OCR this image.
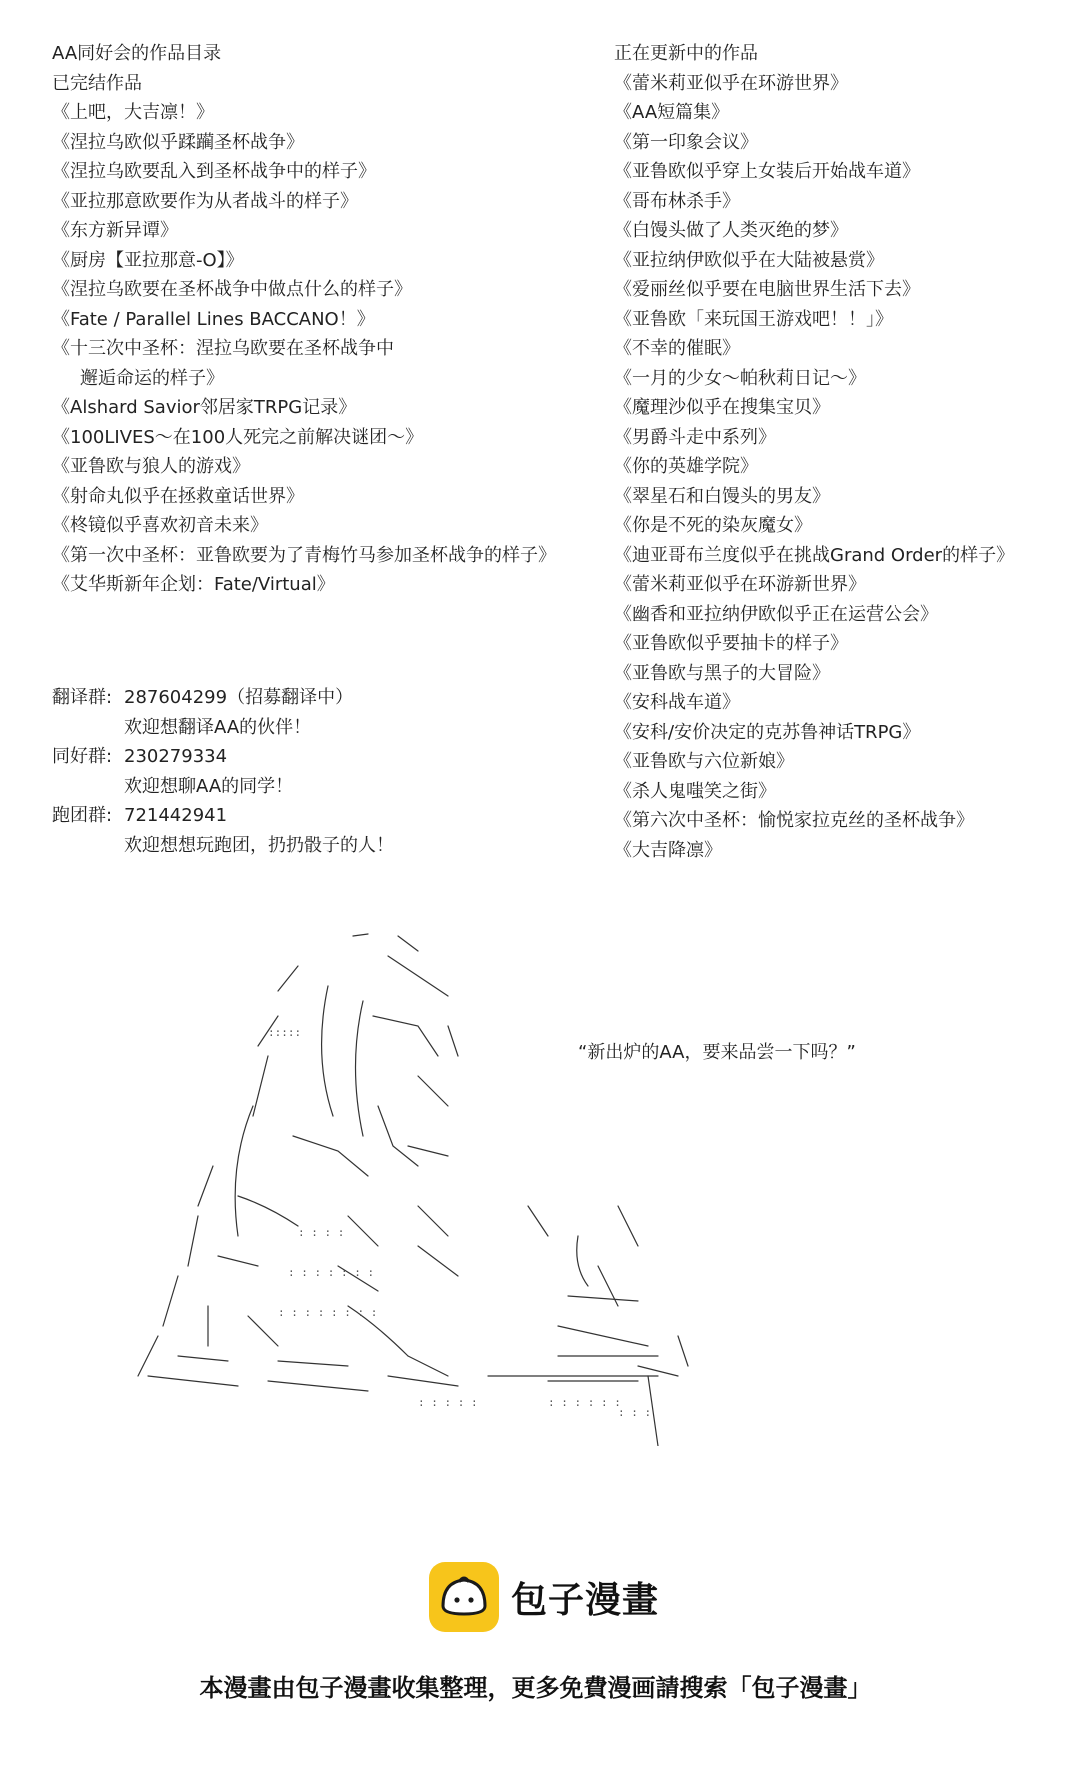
AA同好会的作品目录
已完结作品
《上吧，大吉凛！》
《涅拉乌欧似乎蹂躏圣杯战争》
《涅拉乌欧要乱入到圣杯战争中的样子》
《亚拉那意欧要作为从者战斗的样子》
《东方新异谭》
《厨房【亚拉那意-O】》
《涅拉乌欧要在圣杯战争中做点什么的样子》
《Fate / Parallel Lines BACCANO！》
《十三次中圣杯：涅拉乌欧要在圣杯战争中
邂逅命运的样子》
《Alshard Savior邻居家TRPG记录》
《100LIVES～在100人死完之前解决谜团～》
《亚鲁欧与狼人的游戏》
《射命丸似乎在拯救童话世界》
《柊镜似乎喜欢初音未来》
《第一次中圣杯：亚鲁欧要为了青梅竹马参加圣杯战争的样子》
《艾华斯新年企划：Fate/Virtual》
正在更新中的作品
《蕾米莉亚似乎在环游世界》
《AA短篇集》
《第一印象会议》
《亚鲁欧似乎穿上女装后开始战车道》
《哥布林杀手》
《白馒头做了人类灭绝的梦》
《亚拉纳伊欧似乎在大陆被悬赏》
《爱丽丝似乎要在电脑世界生活下去》
《亚鲁欧「来玩国王游戏吧！！」》
《不幸的催眠》
《一月的少女～帕秋莉日记～》
《魔理沙似乎在搜集宝贝》
《男爵斗走中系列》
《你的英雄学院》
《翠星石和白馒头的男友》
《你是不死的染灰魔女》
《迪亚哥布兰度似乎在挑战Grand Order的样子》
《蕾米莉亚似乎在环游新世界》
《幽香和亚拉纳伊欧似乎正在运营公会》
《亚鲁欧似乎要抽卡的样子》
《亚鲁欧与黑子的大冒险》
《安科战车道》
《安科/安价决定的克苏鲁神话TRPG》
《亚鲁欧与六位新娘》
《杀人鬼嗤笑之街》
《第六次中圣杯：愉悦家拉克丝的圣杯战争》
《大吉降凛》
翻译群: 287604299（招募翻译中）
欢迎想翻译AA的伙伴！
同好群: 230279334
欢迎想聊AA的同学！
跑团群: 721442941
欢迎想想玩跑团，扔扔骰子的人！
:::::
: : : :
: : : : : : :
: : : : : : : :
: : : : :	: : : : : :
: : :
“新出炉的AA，要来品尝一下吗？”
包子漫畫
本漫畫由包子漫畫收集整理，更多免費漫画請搜索「包子漫畫」
